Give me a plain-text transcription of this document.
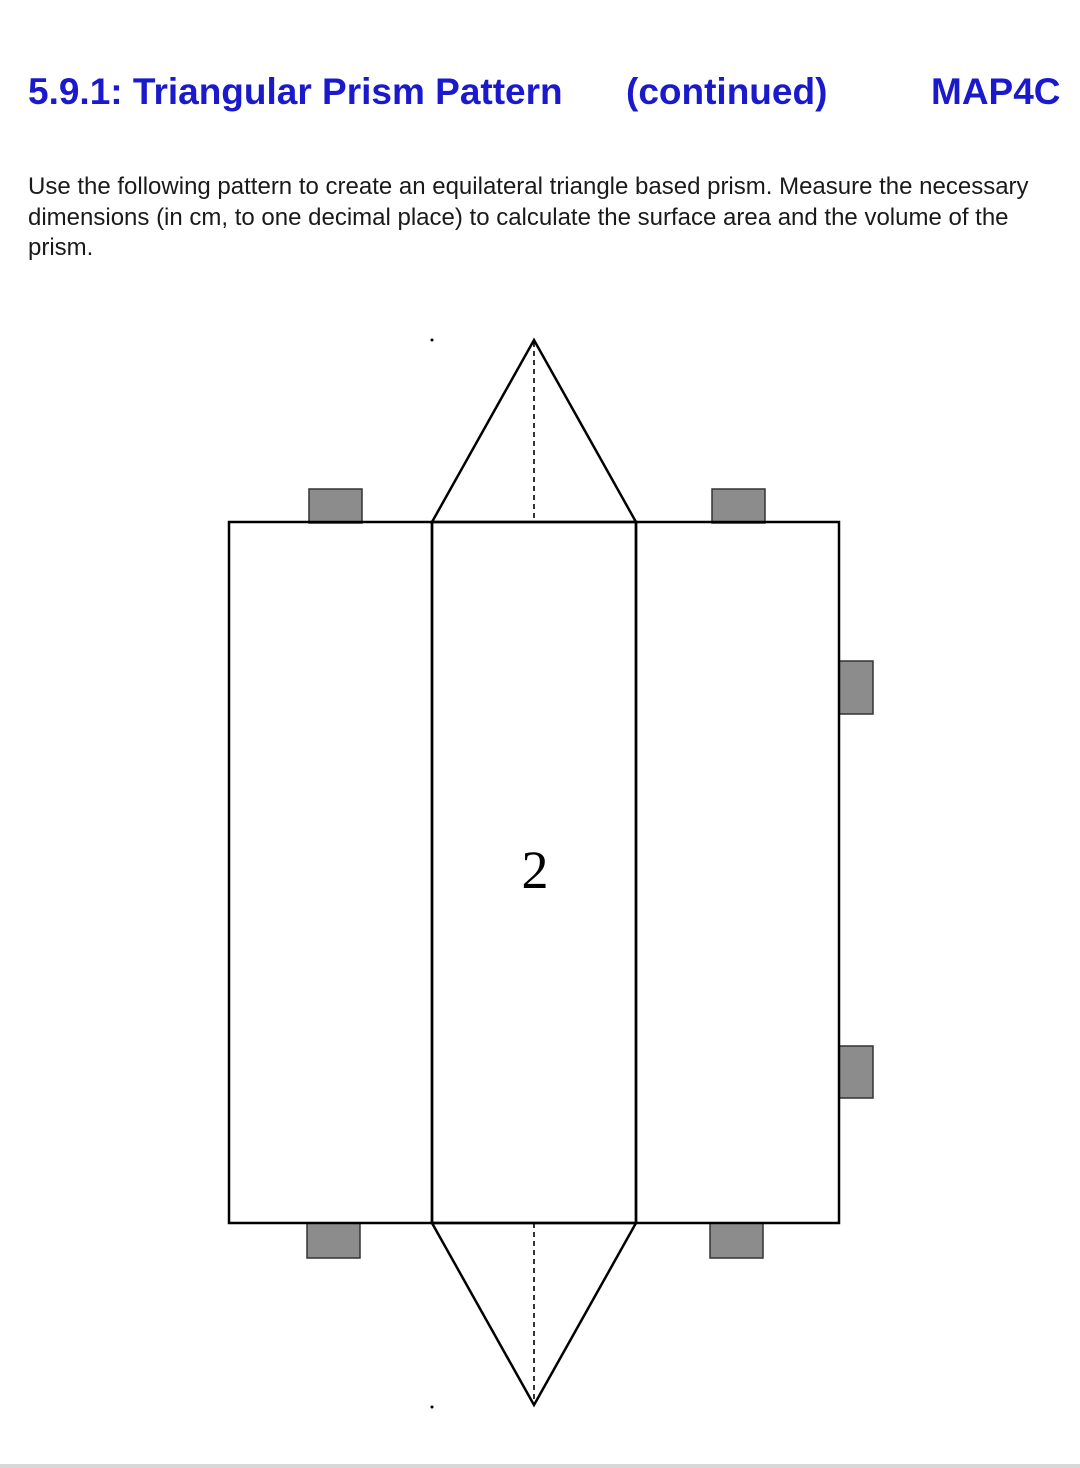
5.9.1: Triangular Prism Pattern (continued)	MAP4C

Use the following pattern to create an equilateral triangle based prism. Measure the necessary dimensions (in cm, to one decimal place) to calculate the surface area and the volume of the prism.

2
